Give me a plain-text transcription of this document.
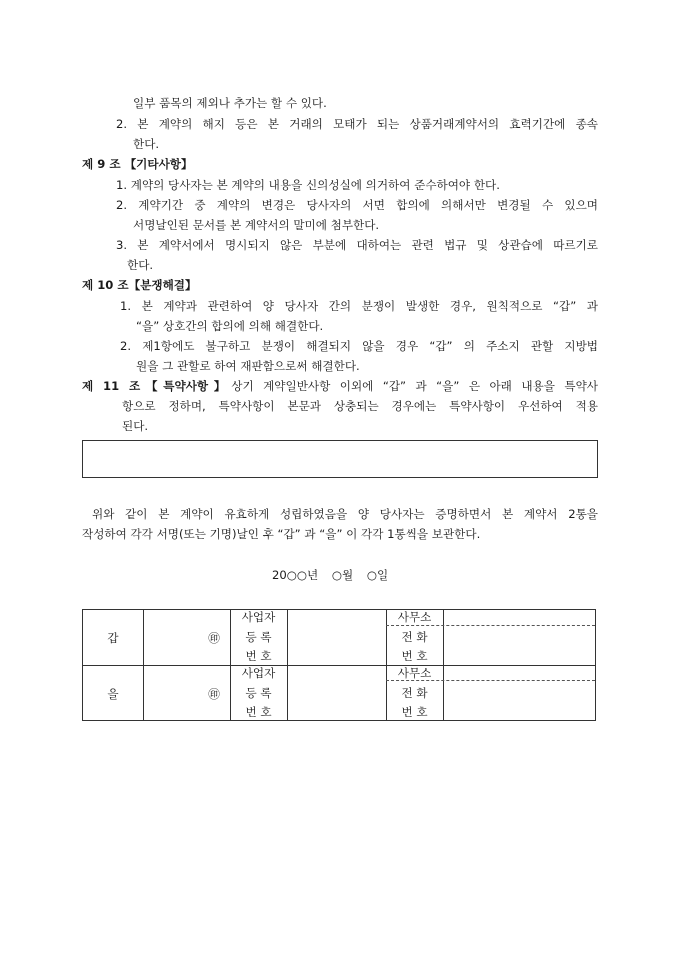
일부 품목의 제외나 추가는 할 수 있다.
2. 본 계약의 해지 등은 본 거래의 모태가 되는 상품거래계약서의 효력기간에 종속
한다.
제 9 조 【기타사항】
1. 계약의 당사자는 본 계약의 내용을 신의성실에 의거하여 준수하여야 한다.
2. 계약기간 중 계약의 변경은 당사자의 서면 합의에 의해서만 변경될 수 있으며
서명날인된 문서를 본 계약서의 말미에 첨부한다.
3. 본 계약서에서 명시되지 않은 부분에 대하여는 관련 법규 및 상관습에 따르기로
한다.
제 10 조【분쟁해결】
1. 본 계약과 관련하여 양 당사자 간의 분쟁이 발생한 경우, 원칙적으로 “갑” 과
“을” 상호간의 합의에 의해 해결한다.
2. 제1항에도 불구하고 분쟁이 해결되지 않을 경우 “갑” 의 주소지 관할 지방법
원을 그 관할로 하여 재판함으로써 해결한다.
제 11 조【특약사항】상기 계약일반사항 이외에 “갑” 과 “을” 은 아래 내용을 특약사
항으로 정하며, 특약사항이 본문과 상충되는 경우에는 특약사항이 우선하여 적용
된다.
위와 같이 본 계약이 유효하게 성립하였음을 양 당사자는 증명하면서 본 계약서 2통을
작성하여 각각 서명(또는 기명)날인 후 “갑” 과 “을” 이 각각 1통씩을 보관한다.
20○○년 ○월 ○일
갑	㊞
사업자
등 록
번 호
사무소
전 화
번 호
을	㊞
사업자
등 록
번 호
사무소
전 화
번 호
